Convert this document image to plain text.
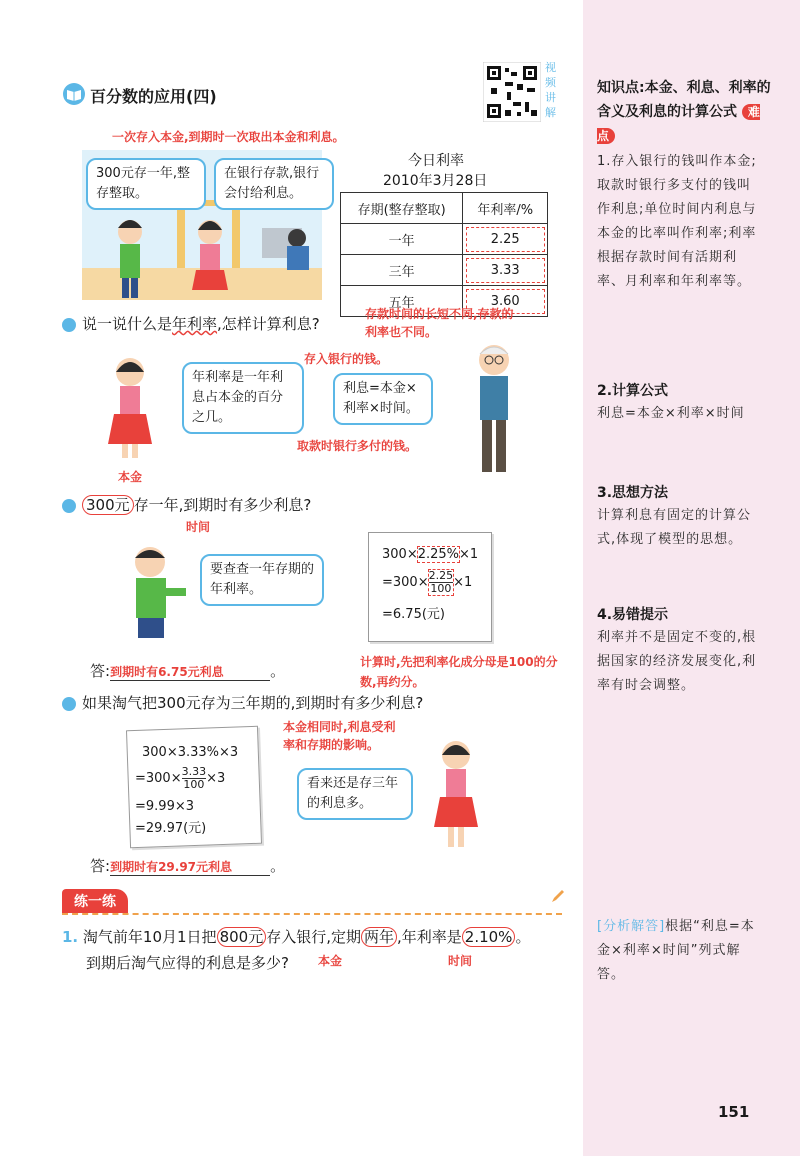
百分数的应用(四)
视频讲解
一次存入本金,到期时一次取出本金和利息。
300元存一年,整存整取。
在银行存款,银行会付给利息。
今日利率
2010年3月28日
存期(整存整取)	年利率/%
一年	2.25
三年	3.33
五年	3.60
存款时间的长短不同,存款的利率也不同。
说一说什么是年利率,怎样计算利息?
存入银行的钱。
年利率是一年利息占本金的百分之几。
利息=本金×利率×时间。
取款时银行多付的钱。
本金
300元 存一年,到期时有多少利息?
时间
要查查一年存期的年利率。
300×2.25%×1
$=300\times \frac{2.25}{100} \times 1$
=6.75(元)
计算时,先把利率化成分母是100的分数,再约分。
答:到期时有6.75元利息	。
如果淘气把300元存为三年期的,到期时有多少利息?
300×3.33%×3
$=300\times \frac{3.33}{100} \times 3$
=9.99×3
=29.97(元)
本金相同时,利息受利率和存期的影响。
看来还是存三年的利息多。
答:到期时有29.97元利息	。
练一练
1. 淘气前年10月1日把 800元 存入银行,定期 两年 ,年利率是 2.10% 。
到期后淘气应得的利息是多少? 本金	时间
知识点:本金、利息、利率的含义及利息的计算公式 难点
1.存入银行的钱叫作本金;取款时银行多支付的钱叫作利息;单位时间内利息与本金的比率叫作利率;利率根据存款时间有活期利率、月利率和年利率等。
2.计算公式
利息=本金×利率×时间
3.思想方法
计算利息有固定的计算公式,体现了模型的思想。
4.易错提示
利率并不是固定不变的,根据国家的经济发展变化,利率有时会调整。
[分析解答]根据“利息=本金×利率×时间”列式解答。
151
